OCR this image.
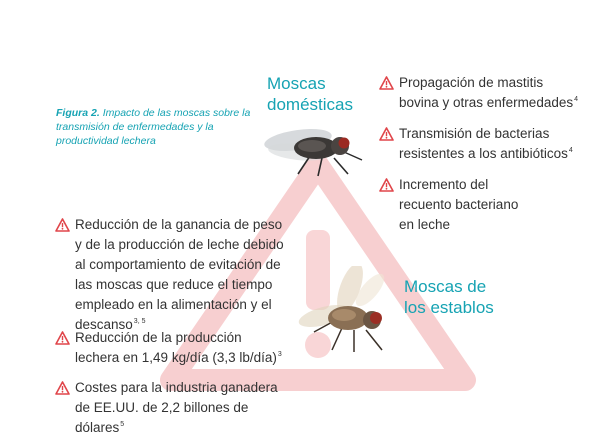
Figura 2. Impacto de las moscas sobre la transmisión de enfermedades y la productividad lechera
Moscas
domésticas
Propagación de mastitis bovina y otras enfermedades$^4$
Transmisión de bacterias resistentes a los antibióticos$^4$
Incremento del recuento bacteriano en leche
Moscas de
los establos
Reducción de la ganancia de peso y de la producción de leche debido al comportamiento de evitación de las moscas que reduce el tiempo empleado en la alimentación y el descanso$^{3, 5}$
Reducción de la producción lechera en 1,49 kg/día (3,3 lb/día)$^3$
Costes para la industria ganadera de EE.UU. de 2,2 billones de dólares$^5$
